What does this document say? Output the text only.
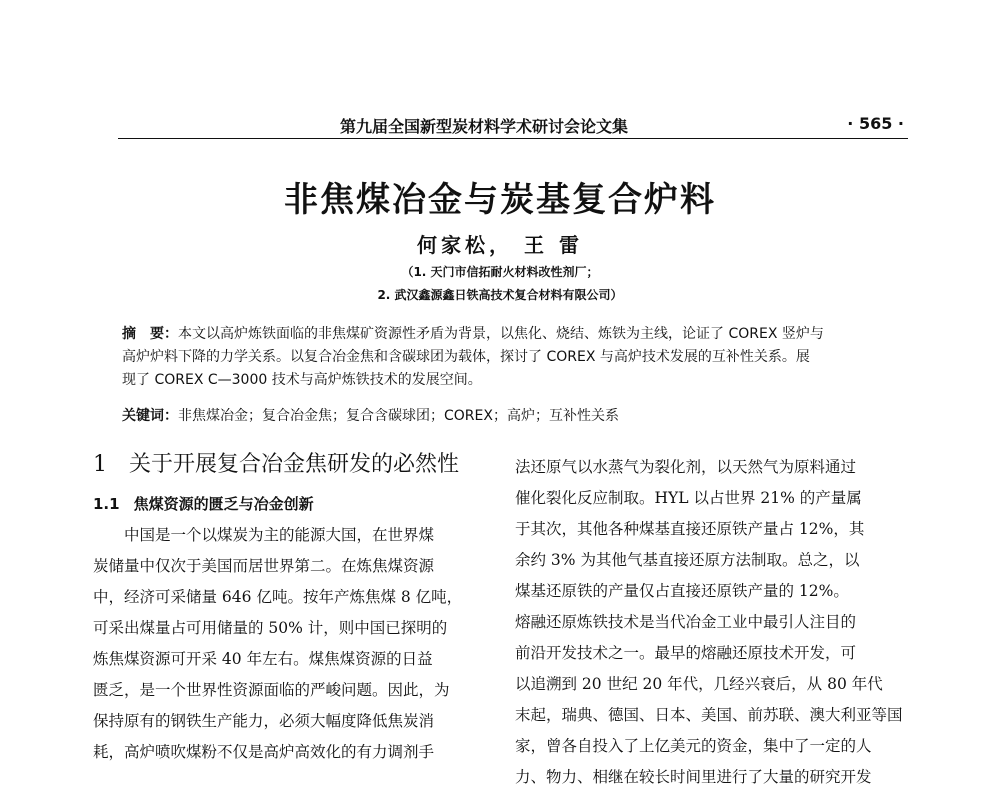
第九届全国新型炭材料学术研讨会论文集	· 565 ·
非焦煤冶金与炭基复合炉料
何家松， 王 雷
（1. 天门市信拓耐火材料改性剂厂；
2. 武汉鑫源鑫日铁高技术复合材料有限公司）
摘　要：本文以高炉炼铁面临的非焦煤矿资源性矛盾为背景，以焦化、烧结、炼铁为主线，论证了 COREX 竖炉与
高炉炉料下降的力学关系。以复合冶金焦和含碳球团为载体，探讨了 COREX 与高炉技术发展的互补性关系。展
现了 COREX C—3000 技术与高炉炼铁技术的发展空间。
关键词：非焦煤冶金；复合冶金焦；复合含碳球团；COREX；高炉；互补性关系
1 关于开展复合冶金焦研发的必然性
1.1 焦煤资源的匮乏与冶金创新
中国是一个以煤炭为主的能源大国，在世界煤
炭储量中仅次于美国而居世界第二。在炼焦煤资源
中，经济可采储量 646 亿吨。按年产炼焦煤 8 亿吨，
可采出煤量占可用储量的 50% 计，则中国已探明的
炼焦煤资源可开采 40 年左右。煤焦煤资源的日益
匮乏，是一个世界性资源面临的严峻问题。因此，为
保持原有的钢铁生产能力，必须大幅度降低焦炭消
耗，高炉喷吹煤粉不仅是高炉高效化的有力调剂手
法还原气以水蒸气为裂化剂，以天然气为原料通过
催化裂化反应制取。HYL 以占世界 21% 的产量属
于其次，其他各种煤基直接还原铁产量占 12%，其
余约 3% 为其他气基直接还原方法制取。总之，以
煤基还原铁的产量仅占直接还原铁产量的 12%。
熔融还原炼铁技术是当代冶金工业中最引人注目的
前沿开发技术之一。最早的熔融还原技术开发，可
以追溯到 20 世纪 20 年代，几经兴衰后，从 80 年代
末起，瑞典、德国、日本、美国、前苏联、澳大利亚等国
家，曾各自投入了上亿美元的资金，集中了一定的人
力、物力、相继在较长时间里进行了大量的研究开发
